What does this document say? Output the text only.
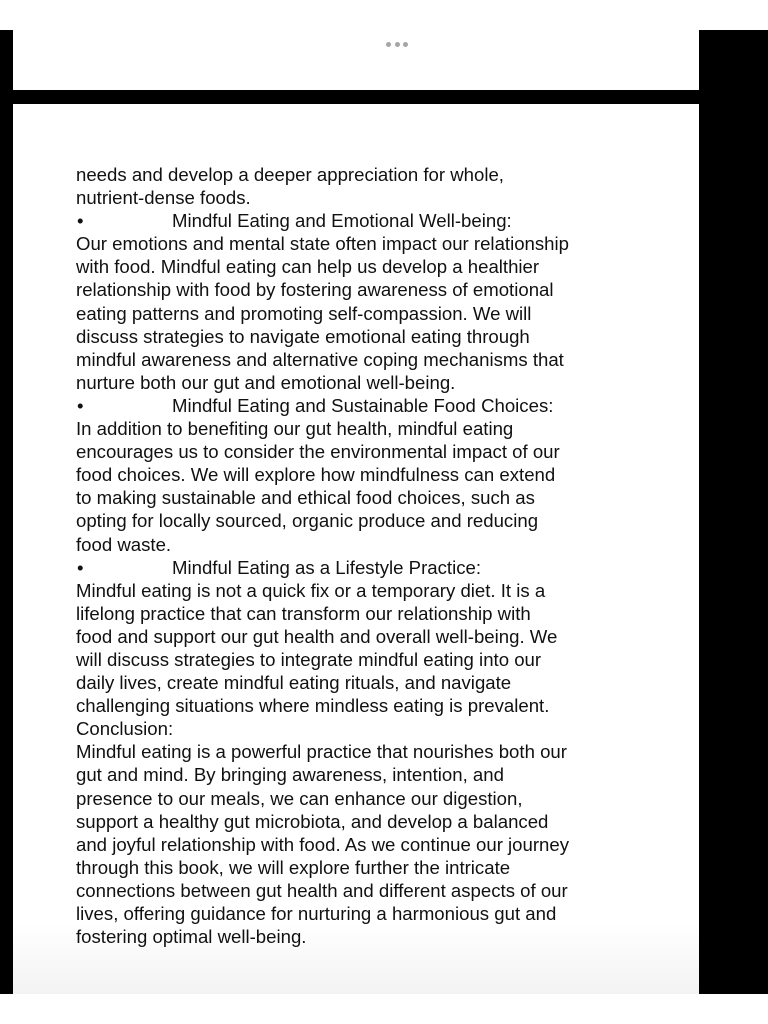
needs and develop a deeper appreciation for whole,
nutrient-dense foods.
•	Mindful Eating and Emotional Well-being:
Our emotions and mental state often impact our relationship
with food. Mindful eating can help us develop a healthier
relationship with food by fostering awareness of emotional
eating patterns and promoting self-compassion. We will
discuss strategies to navigate emotional eating through
mindful awareness and alternative coping mechanisms that
nurture both our gut and emotional well-being.
•	Mindful Eating and Sustainable Food Choices:
In addition to benefiting our gut health, mindful eating
encourages us to consider the environmental impact of our
food choices. We will explore how mindfulness can extend
to making sustainable and ethical food choices, such as
opting for locally sourced, organic produce and reducing
food waste.
•	Mindful Eating as a Lifestyle Practice:
Mindful eating is not a quick fix or a temporary diet. It is a
lifelong practice that can transform our relationship with
food and support our gut health and overall well-being. We
will discuss strategies to integrate mindful eating into our
daily lives, create mindful eating rituals, and navigate
challenging situations where mindless eating is prevalent.
Conclusion:
Mindful eating is a powerful practice that nourishes both our
gut and mind. By bringing awareness, intention, and
presence to our meals, we can enhance our digestion,
support a healthy gut microbiota, and develop a balanced
and joyful relationship with food. As we continue our journey
through this book, we will explore further the intricate
connections between gut health and different aspects of our
lives, offering guidance for nurturing a harmonious gut and
fostering optimal well-being.
